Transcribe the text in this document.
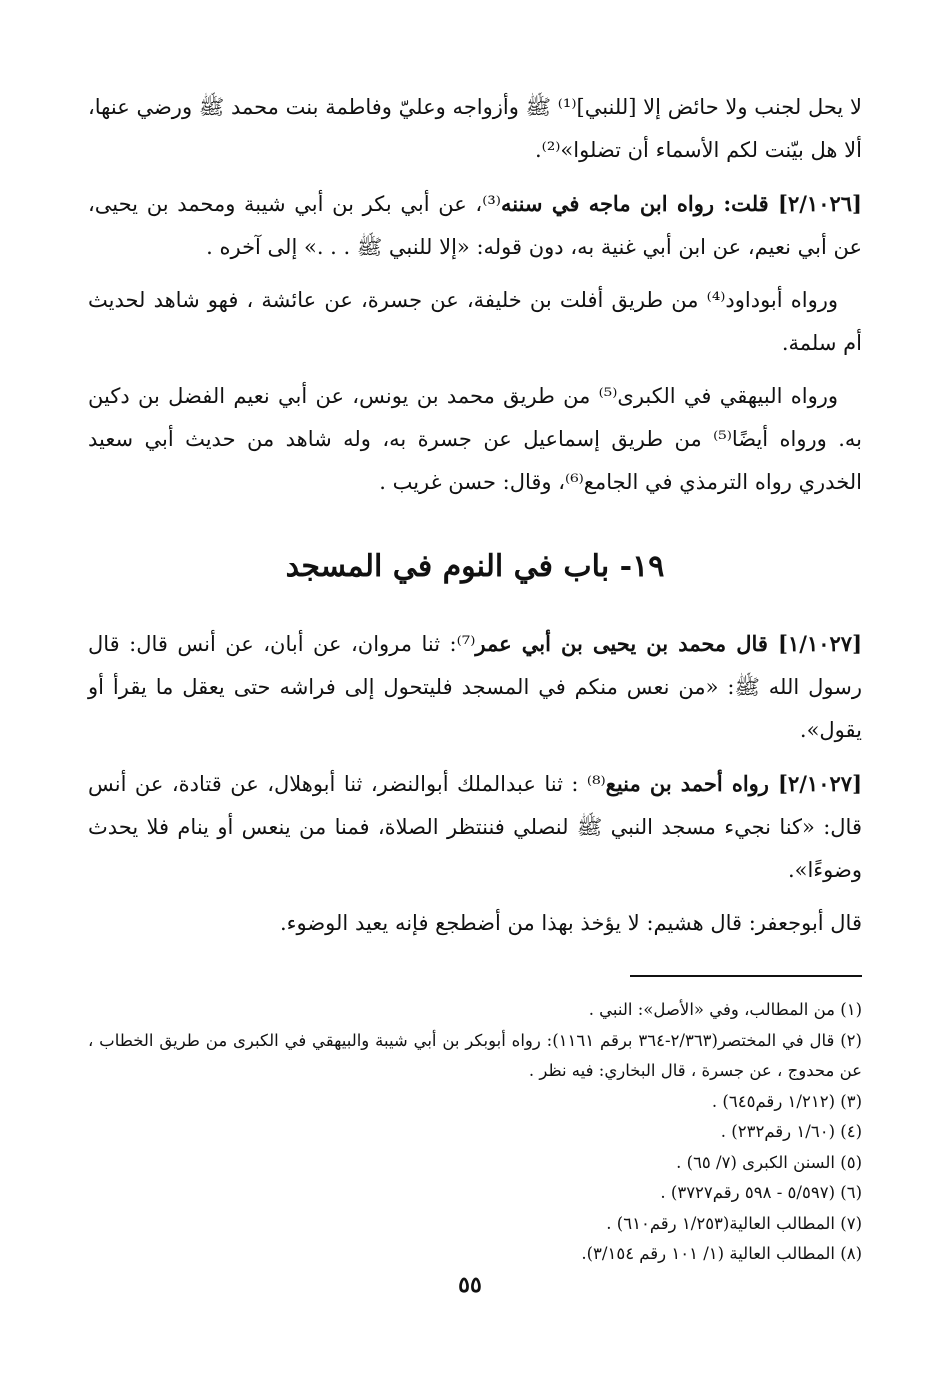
لا يحل لجنب ولا حائض إلا [للنبي]⁽¹⁾ ﷺ وأزواجه وعليّ وفاطمة بنت محمد ﷺ ورضي عنها، ألا هل بيّنت لكم الأسماء أن تضلوا»⁽²⁾.

[٢/١٠٢٦] قلت: رواه ابن ماجه في سننه⁽³⁾، عن أبي بكر بن أبي شيبة ومحمد بن يحيى، عن أبي نعيم، عن ابن أبي غنية به، دون قوله: «إلا للنبي ﷺ . . .» إلى آخره .

ورواه أبوداود⁽⁴⁾ من طريق أفلت بن خليفة، عن جسرة، عن عائشة ، فهو شاهد لحديث أم سلمة.

ورواه البيهقي في الكبرى⁽⁵⁾ من طريق محمد بن يونس، عن أبي نعيم الفضل بن دكين به. ورواه أيضًا⁽⁵⁾ من طريق إسماعيل عن جسرة به، وله شاهد من حديث أبي سعيد الخدري رواه الترمذي في الجامع⁽⁶⁾، وقال: حسن غريب .

١٩- باب في النوم في المسجد

[١/١٠٢٧] قال محمد بن يحيى بن أبي عمر⁽⁷⁾: ثنا مروان، عن أبان، عن أنس قال: قال رسول الله ﷺ: «من نعس منكم في المسجد فليتحول إلى فراشه حتى يعقل ما يقرأ أو يقول».

[٢/١٠٢٧] رواه أحمد بن منيع⁽⁸⁾ : ثنا عبدالملك أبوالنضر، ثنا أبوهلال، عن قتادة، عن أنس قال: «كنا نجيء مسجد النبي ﷺ لنصلي فننتظر الصلاة، فمنا من ينعس أو ينام فلا يحدث وضوءًا».

قال أبوجعفر: قال هشيم: لا يؤخذ بهذا من أضطجع فإنه يعيد الوضوء.

(١) من المطالب، وفي «الأصل»: النبي .

(٢) قال في المختصر(٢/٣٦٣-٣٦٤ برقم ١١٦١): رواه أبوبكر بن أبي شيبة والبيهقي في الكبرى من طريق الخطاب ، عن محدوج ، عن جسرة ، قال البخاري: فيه نظر .

(٣) (١/٢١٢ رقم٦٤٥) .

(٤) (١/٦٠ رقم٢٣٢) .

(٥) السنن الكبرى (٧/ ٦٥) .

(٦) (٥/٥٩٧ - ٥٩٨ رقم٣٧٢٧) .

(٧) المطالب العالية(١/٢٥٣ رقم٦١٠) .

(٨) المطالب العالية (١/ ١٠١ رقم ٣/١٥٤).

٥٥
